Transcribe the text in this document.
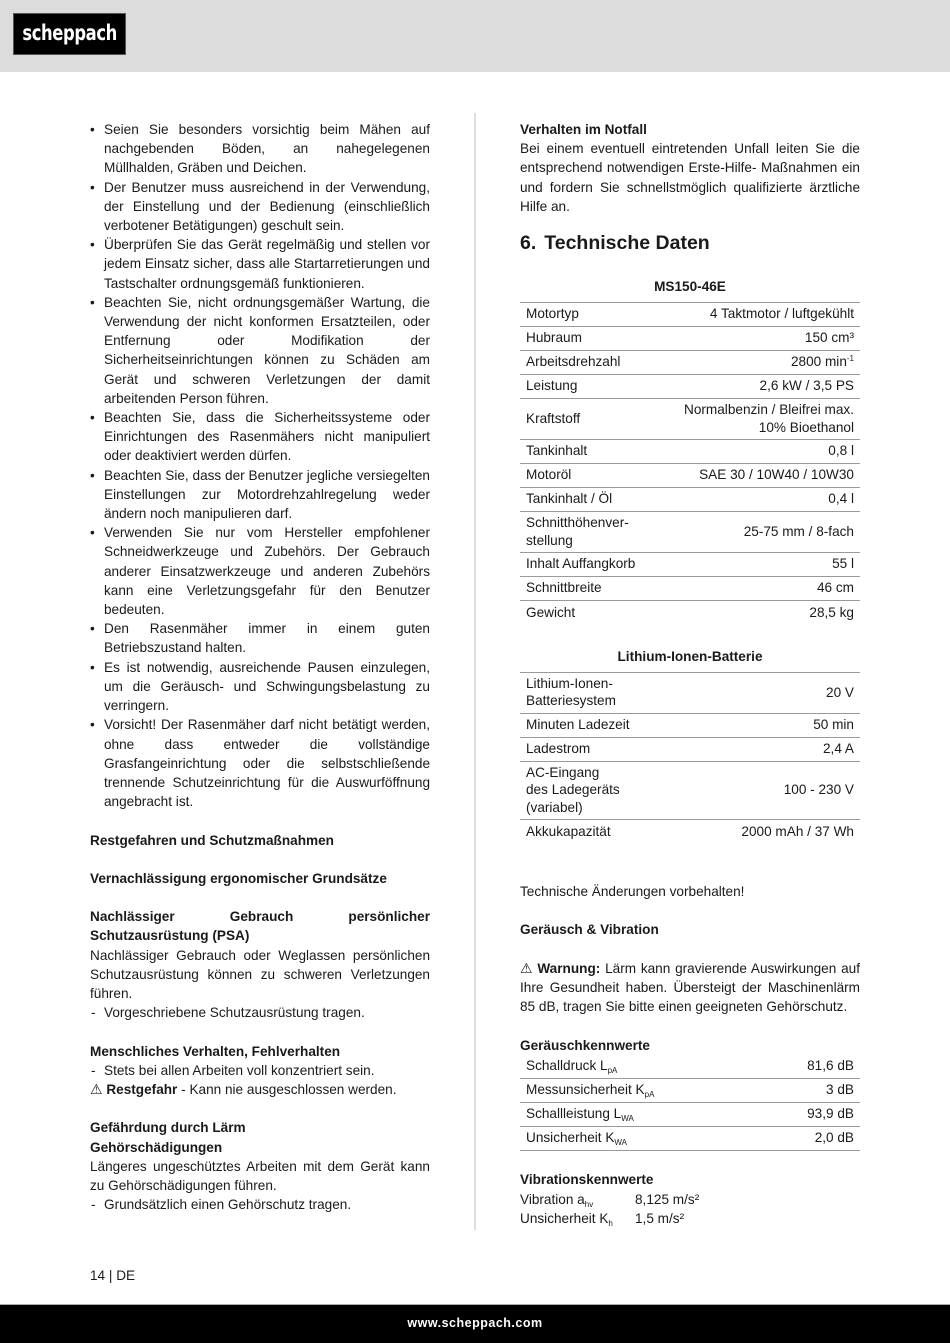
scheppach
• Seien Sie besonders vorsichtig beim Mähen auf nachgebenden Böden, an nahegelegenen Müllhalden, Gräben und Deichen.
• Der Benutzer muss ausreichend in der Verwendung, der Einstellung und der Bedienung (einschließlich verbotener Betätigungen) geschult sein.
• Überprüfen Sie das Gerät regelmäßig und stellen vor jedem Einsatz sicher, dass alle Startarretierungen und Tastschalter ordnungsgemäß funktionieren.
• Beachten Sie, nicht ordnungsgemäßer Wartung, die Verwendung der nicht konformen Ersatzteilen, oder Entfernung oder Modifikation der Sicherheitseinrichtungen können zu Schäden am Gerät und schweren Verletzungen der damit arbeitenden Person führen.
• Beachten Sie, dass die Sicherheitssysteme oder Einrichtungen des Rasenmähers nicht manipuliert oder deaktiviert werden dürfen.
• Beachten Sie, dass der Benutzer jegliche versiegelten Einstellungen zur Motordrehzahlregelung weder ändern noch manipulieren darf.
• Verwenden Sie nur vom Hersteller empfohlener Schneidwerkzeuge und Zubehörs. Der Gebrauch anderer Einsatzwerkzeuge und anderen Zubehörs kann eine Verletzungsgefahr für den Benutzer bedeuten.
• Den Rasenmäher immer in einem guten Betriebszustand halten.
• Es ist notwendig, ausreichende Pausen einzulegen, um die Geräusch- und Schwingungsbelastung zu verringern.
• Vorsicht! Der Rasenmäher darf nicht betätigt werden, ohne dass entweder die vollständige Grasfangeinrichtung oder die selbstschließende trennende Schutzeinrichtung für die Auswurföffnung angebracht ist.

Restgefahren und Schutzmaßnahmen

Vernachlässigung ergonomischer Grundsätze

Nachlässiger Gebrauch persönlicher Schutzausrüstung (PSA)

Nachlässiger Gebrauch oder Weglassen persönlichen Schutzausrüstung können zu schweren Verletzungen führen.

- Vorgeschriebene Schutzausrüstung tragen.

Menschliches Verhalten, Fehlverhalten

- Stets bei allen Arbeiten voll konzentriert sein.

⚠ Restgefahr - Kann nie ausgeschlossen werden.

Gefährdung durch Lärm

Gehörschädigungen

Längeres ungeschütztes Arbeiten mit dem Gerät kann zu Gehörschädigungen führen.

- Grundsätzlich einen Gehörschutz tragen.

Verhalten im Notfall

Bei einem eventuell eintretenden Unfall leiten Sie die entsprechend notwendigen Erste-Hilfe- Maßnahmen ein und fordern Sie schnellstmöglich qualifizierte ärztliche Hilfe an.

6. Technische Daten
MS150-46E
Motortyp	4 Taktmotor / luftgekühlt
Hubraum	150 cm³
Arbeitsdrehzahl	2800 $\min^{-1}$
Leistung	2,6 kW / 3,5 PS
Kraftstoff	Normalbenzin / Bleifrei max.
10% Bioethanol
Tankinhalt	0,8 l
Motoröl	SAE 30 / 10W40 / 10W30
Tankinhalt / Öl	0,4 l
Schnitthöhenver-
stellung	25-75 mm / 8-fach
Inhalt Auffangkorb	55 l
Schnittbreite	46 cm
Gewicht	28,5 kg
Lithium-Ionen-Batterie
Lithium-Ionen-
Batteriesystem	20 V
Minuten Ladezeit	50 min
Ladestrom	2,4 A
AC-Eingang
des Ladegeräts
(variabel)	100 - 230 V
Akkukapazität	2000 mAh / 37 Wh

Technische Änderungen vorbehalten!

Geräusch & Vibration

⚠ Warnung: Lärm kann gravierende Auswirkungen auf Ihre Gesundheit haben. Übersteigt der Maschinenlärm 85 dB, tragen Sie bitte einen geeigneten Gehörschutz.

Geräuschkennwerte

Schalldruck $L_{pA}$	81,6 dB
Messunsicherheit $K_{pA}$	3 dB
Schallleistung $L_{WA}$	93,9 dB
Unsicherheit $K_{WA}$	2,0 dB

Vibrationskennwerte

Vibration $a_{hv}$	8,125 m/s²
Unsicherheit $K_h$	1,5 m/s²
14 | DE
www.scheppach.com
